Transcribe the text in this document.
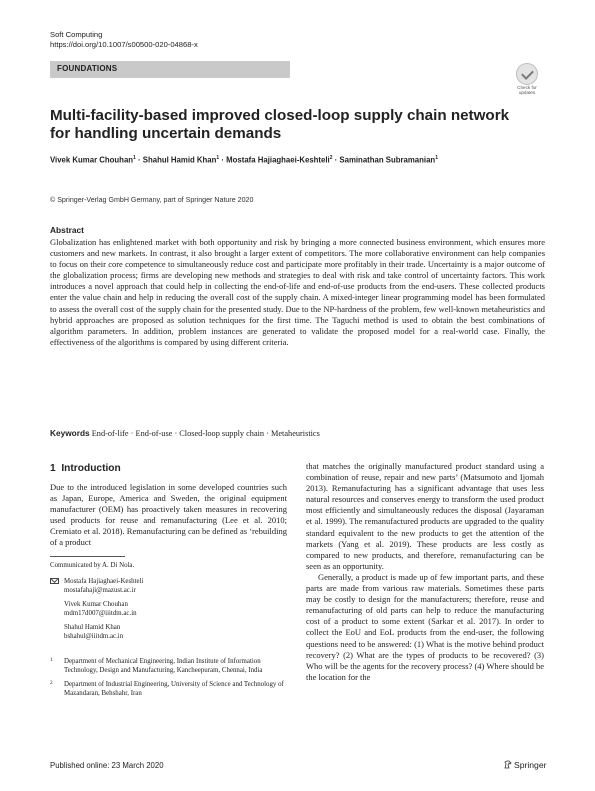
Soft Computing
https://doi.org/10.1007/s00500-020-04868-x
FOUNDATIONS
Check for
updates
Multi-facility-based improved closed-loop supply chain network for handling uncertain demands
Vivek Kumar Chouhan$^1$ · Shahul Hamid Khan$^1$ · Mostafa Hajiaghaei-Keshteli$^2$ · Saminathan Subramanian$^1$
© Springer-Verlag GmbH Germany, part of Springer Nature 2020
Abstract
Globalization has enlightened market with both opportunity and risk by bringing a more connected business environment, which ensures more customers and new markets. In contrast, it also brought a larger extent of competitors. The more collaborative environment can help companies to focus on their core competence to simultaneously reduce cost and participate more profitably in their trade. Uncertainty is a major outcome of the globalization process; firms are developing new methods and strategies to deal with risk and take control of uncertainty factors. This work introduces a novel approach that could help in collecting the end-of-life and end-of-use products from the end-users. These collected products enter the value chain and help in reducing the overall cost of the supply chain. A mixed-integer linear programming model has been formulated to assess the overall cost of the supply chain for the presented study. Due to the NP-hardness of the problem, few well-known metaheuristics and hybrid approaches are proposed as solution techniques for the first time. The Taguchi method is used to obtain the best combinations of algorithm parameters. In addition, problem instances are generated to validate the proposed model for a real-world case. Finally, the effectiveness of the algorithms is compared by using different criteria.
Keywords End-of-life · End-of-use · Closed-loop supply chain · Metaheuristics
1 Introduction

Due to the introduced legislation in some developed countries such as Japan, Europe, America and Sweden, the original equipment manufacturer (OEM) has proactively taken measures in recovering used products for reuse and remanufacturing (Lee et al. 2010; Cremiato et al. 2018). Remanufacturing can be defined as ‘rebuilding of a product

that matches the originally manufactured product standard using a combination of reuse, repair and new parts’ (Matsumoto and Ijomah 2013). Remanufacturing has a significant advantage that uses less natural resources and conserves energy to transform the used product most efficiently and simultaneously reduces the disposal (Jayaraman et al. 1999). The remanufactured products are upgraded to the quality standard equivalent to the new products to get the attention of the markets (Yang et al. 2019). These products are less costly as compared to new products, and therefore, remanufacturing can be seen as an opportunity.

Generally, a product is made up of few important parts, and these parts are made from various raw materials. Sometimes these parts may be costly to design for the manufacturers; therefore, reuse and remanufacturing of old parts can help to reduce the manufacturing cost of a product to some extent (Sarkar et al. 2017). In order to collect the EoU and EoL products from the end-user, the following questions need to be answered: (1) What is the motive behind product recovery? (2) What are the types of products to be recovered? (3) Who will be the agents for the recovery process? (4) Where should be the location for the

Communicated by A. Di Nola.
Mostafa Hajiaghaei-Keshteli
mostafahaji@mazust.ac.ir
Vivek Kumar Chouhan
mdm17d007@iiitdm.ac.in
Shahul Hamid Khan
bshahul@iiitdm.ac.in
1 Department of Mechanical Engineering, Indian Institute of Information Technology, Design and Manufacturing, Kancheepuram, Chennai, India
2 Department of Industrial Engineering, University of Science and Technology of Mazandaran, Behshahr, Iran
Published online: 23 March 2020	Springer
